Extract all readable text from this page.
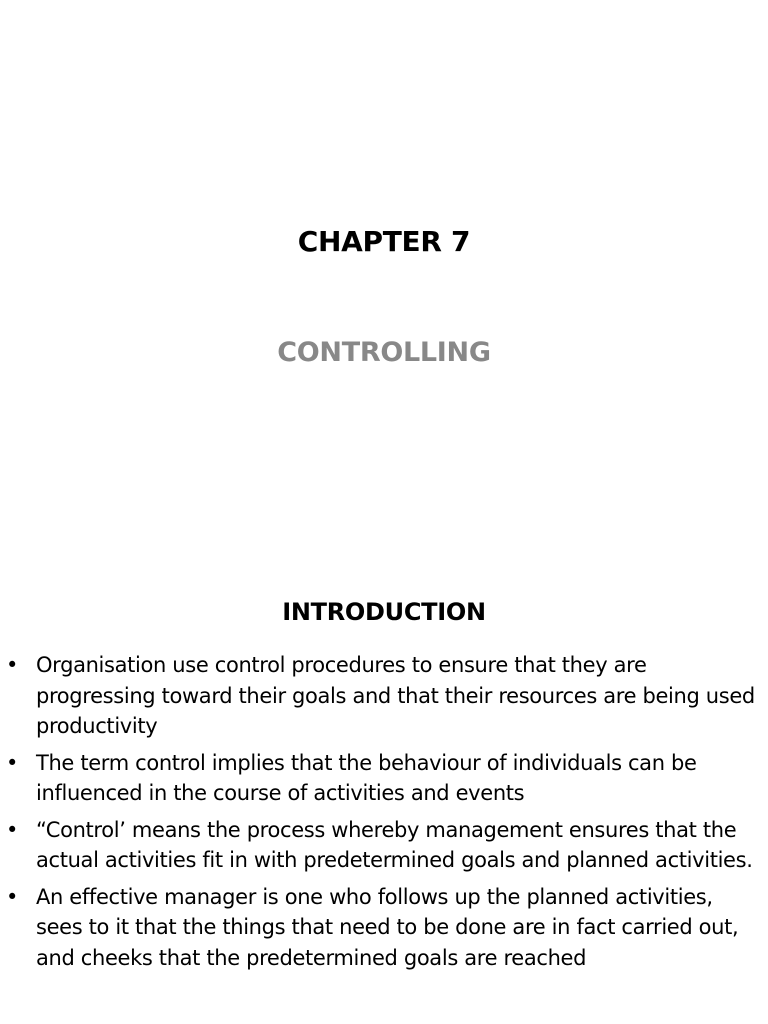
CHAPTER 7
CONTROLLING
INTRODUCTION
• Organisation use control procedures to ensure that they are progressing toward their goals and that their resources are being used productivity
• The term control implies that the behaviour of individuals can be influenced in the course of activities and events
• “Control’ means the process whereby management ensures that the actual activities fit in with predetermined goals and planned activities.
• An effective manager is one who follows up the planned activities, sees to it that the things that need to be done are in fact carried out, and cheeks that the predetermined goals are reached
